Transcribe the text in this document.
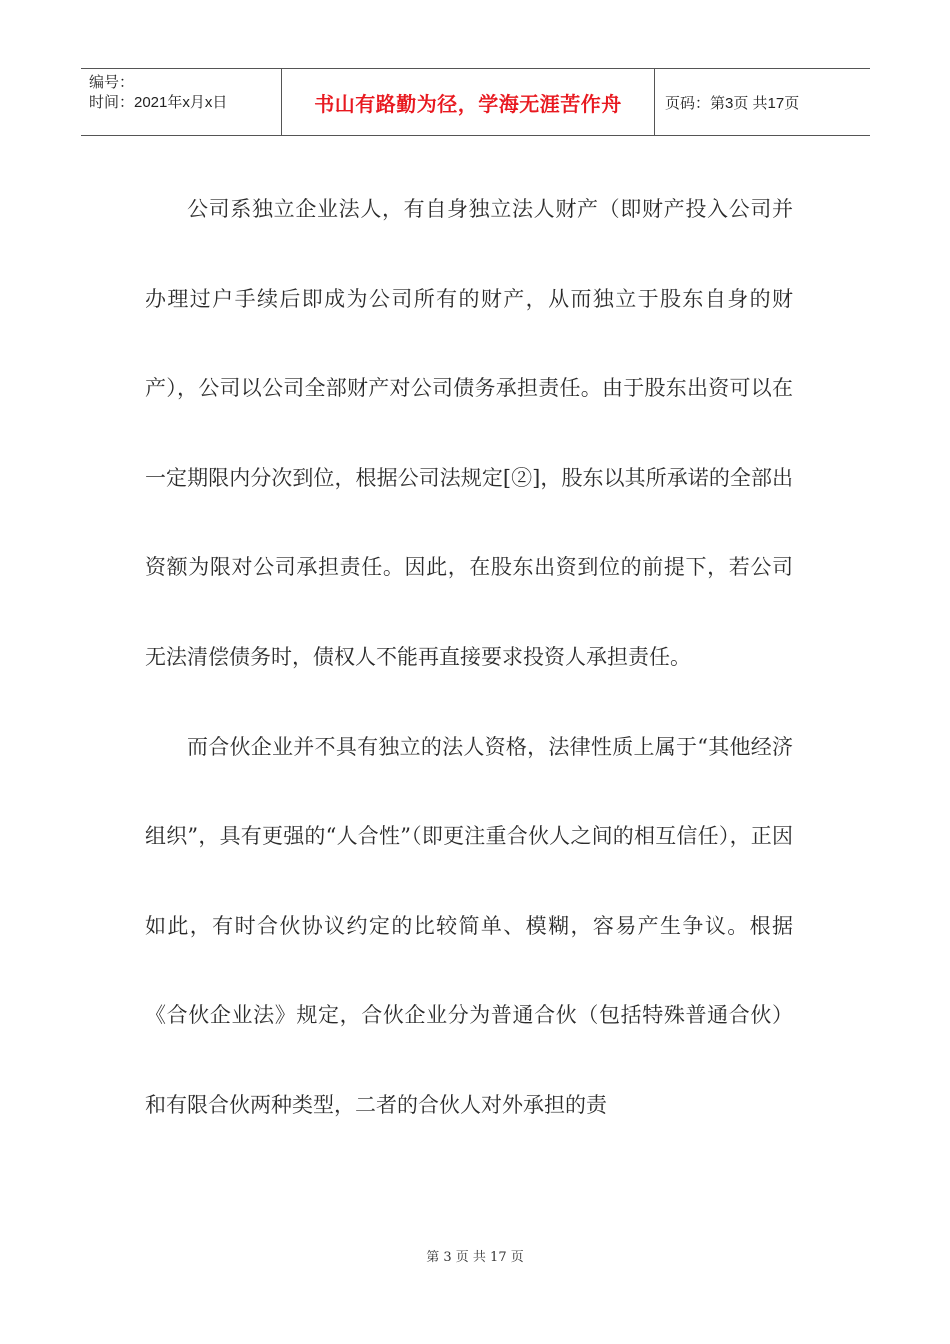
编号：
时间：2021年x月x日	书山有路勤为径，学海无涯苦作舟	页码：第3页 共17页

公司系独立企业法人，有自身独立法人财产（即财产投入公司并办理过户手续后即成为公司所有的财产，从而独立于股东自身的财产），公司以公司全部财产对公司债务承担责任。由于股东出资可以在一定期限内分次到位，根据公司法规定[②]，股东以其所承诺的全部出资额为限对公司承担责任。因此，在股东出资到位的前提下，若公司无法清偿债务时，债权人不能再直接要求投资人承担责任。

而合伙企业并不具有独立的法人资格，法律性质上属于“其他经济组织”，具有更强的“人合性”（即更注重合伙人之间的相互信任），正因如此，有时合伙协议约定的比较简单、模糊，容易产生争议。根据《合伙企业法》规定，合伙企业分为普通合伙（包括特殊普通合伙）和有限合伙两种类型，二者的合伙人对外承担的责

第 3 页 共 17 页
